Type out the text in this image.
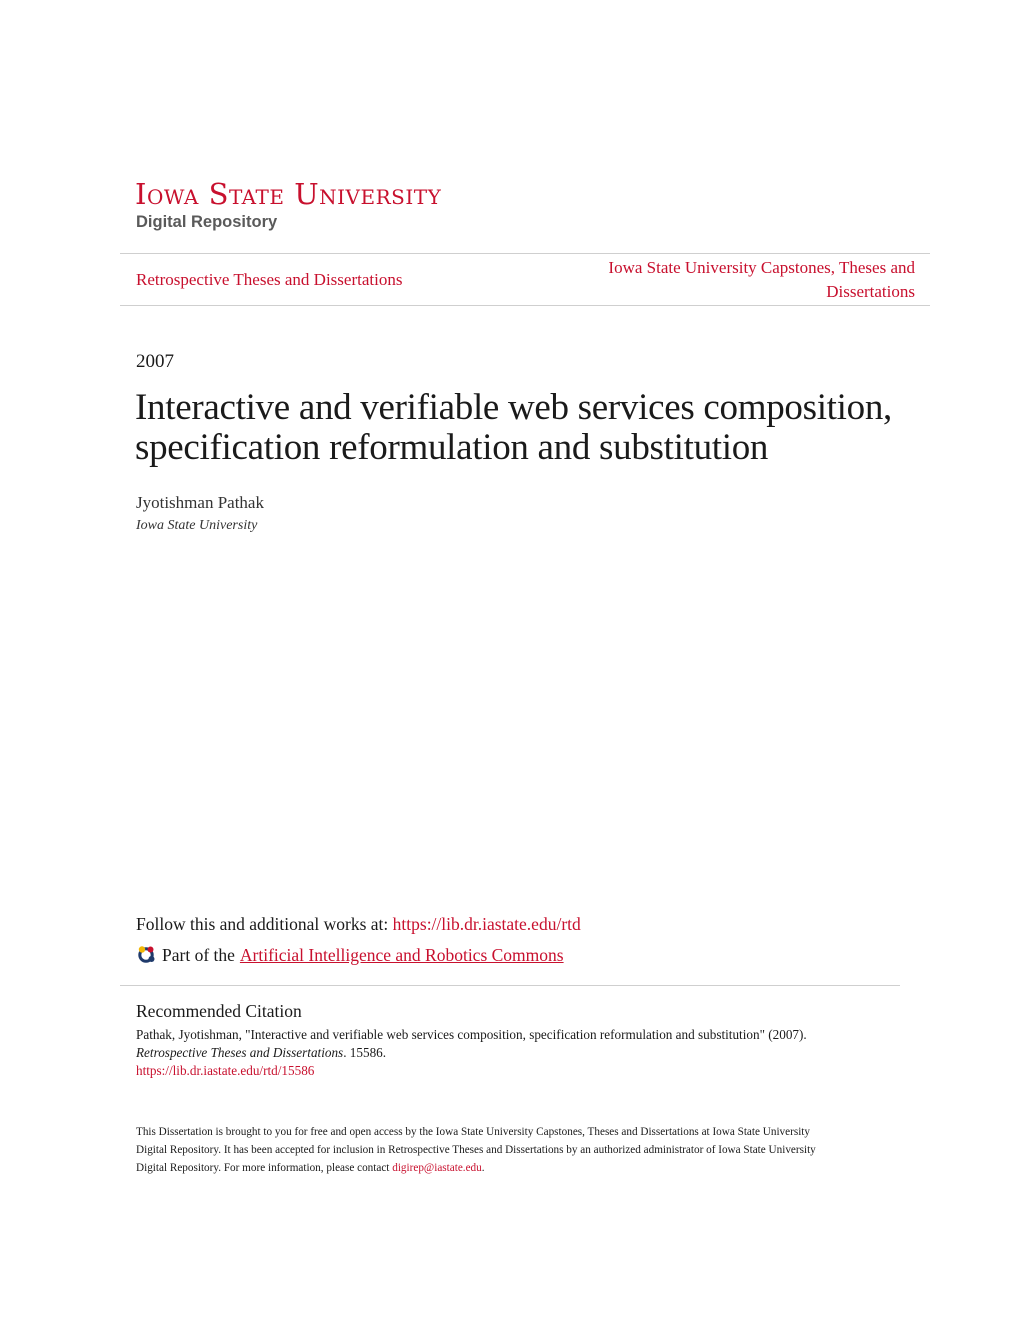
Iowa State University
Digital Repository
Retrospective Theses and Dissertations
Iowa State University Capstones, Theses and
Dissertations
2007
Interactive and verifiable web services composition,
specification reformulation and substitution
Jyotishman Pathak
Iowa State University
Follow this and additional works at: https://lib.dr.iastate.edu/rtd
Part of the Artificial Intelligence and Robotics Commons
Recommended Citation
Pathak, Jyotishman, "Interactive and verifiable web services composition, specification reformulation and substitution" (2007).
Retrospective Theses and Dissertations. 15586.
https://lib.dr.iastate.edu/rtd/15586
This Dissertation is brought to you for free and open access by the Iowa State University Capstones, Theses and Dissertations at Iowa State University
Digital Repository. It has been accepted for inclusion in Retrospective Theses and Dissertations by an authorized administrator of Iowa State University
Digital Repository. For more information, please contact digirep@iastate.edu.
